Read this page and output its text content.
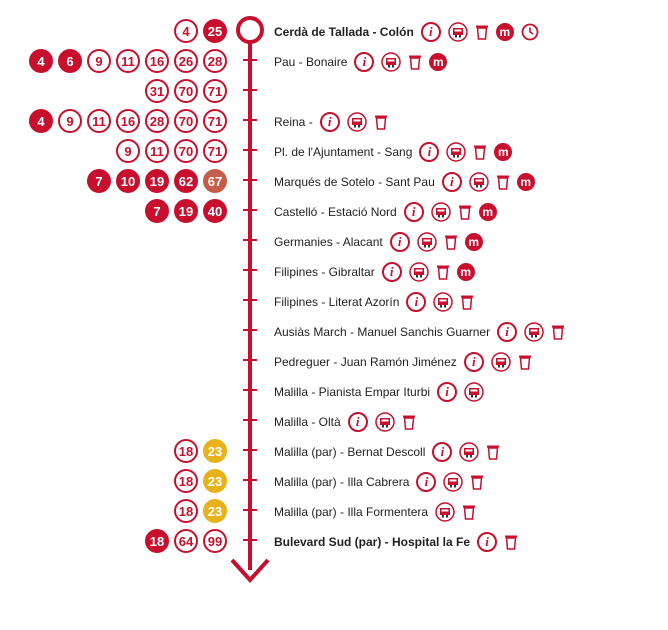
4	25	Cerdà de Tallada - Colón	i	m
4	6	9	11	16	26	28	Pau - Bonaire	i	m
31	70	71
4	9	11	16	28	70	71	Reina -	i
9	11	70	71	Pl. de l'Ajuntament - Sang	i	m
7	10	19	62	67	Marqués de Sotelo - Sant Pau	i	m
7	19	40	Castelló - Estació Nord	i	m
Germanies - Alacant	i	m
Filipines - Gibraltar	i	m
Filipines - Literat Azorín	i
Ausiàs March - Manuel Sanchis Guarner	i
Pedreguer - Juan Ramón Jiménez	i
Malilla - Pianista Empar Iturbi	i
Malilla - Oltà	i
18	23	Malilla (par) - Bernat Descoll	i
18	23	Malilla (par) - Illa Cabrera	i
18	23	Malilla (par) - Illa Formentera
18	64	99	Bulevard Sud (par) - Hospital la Fe	i
